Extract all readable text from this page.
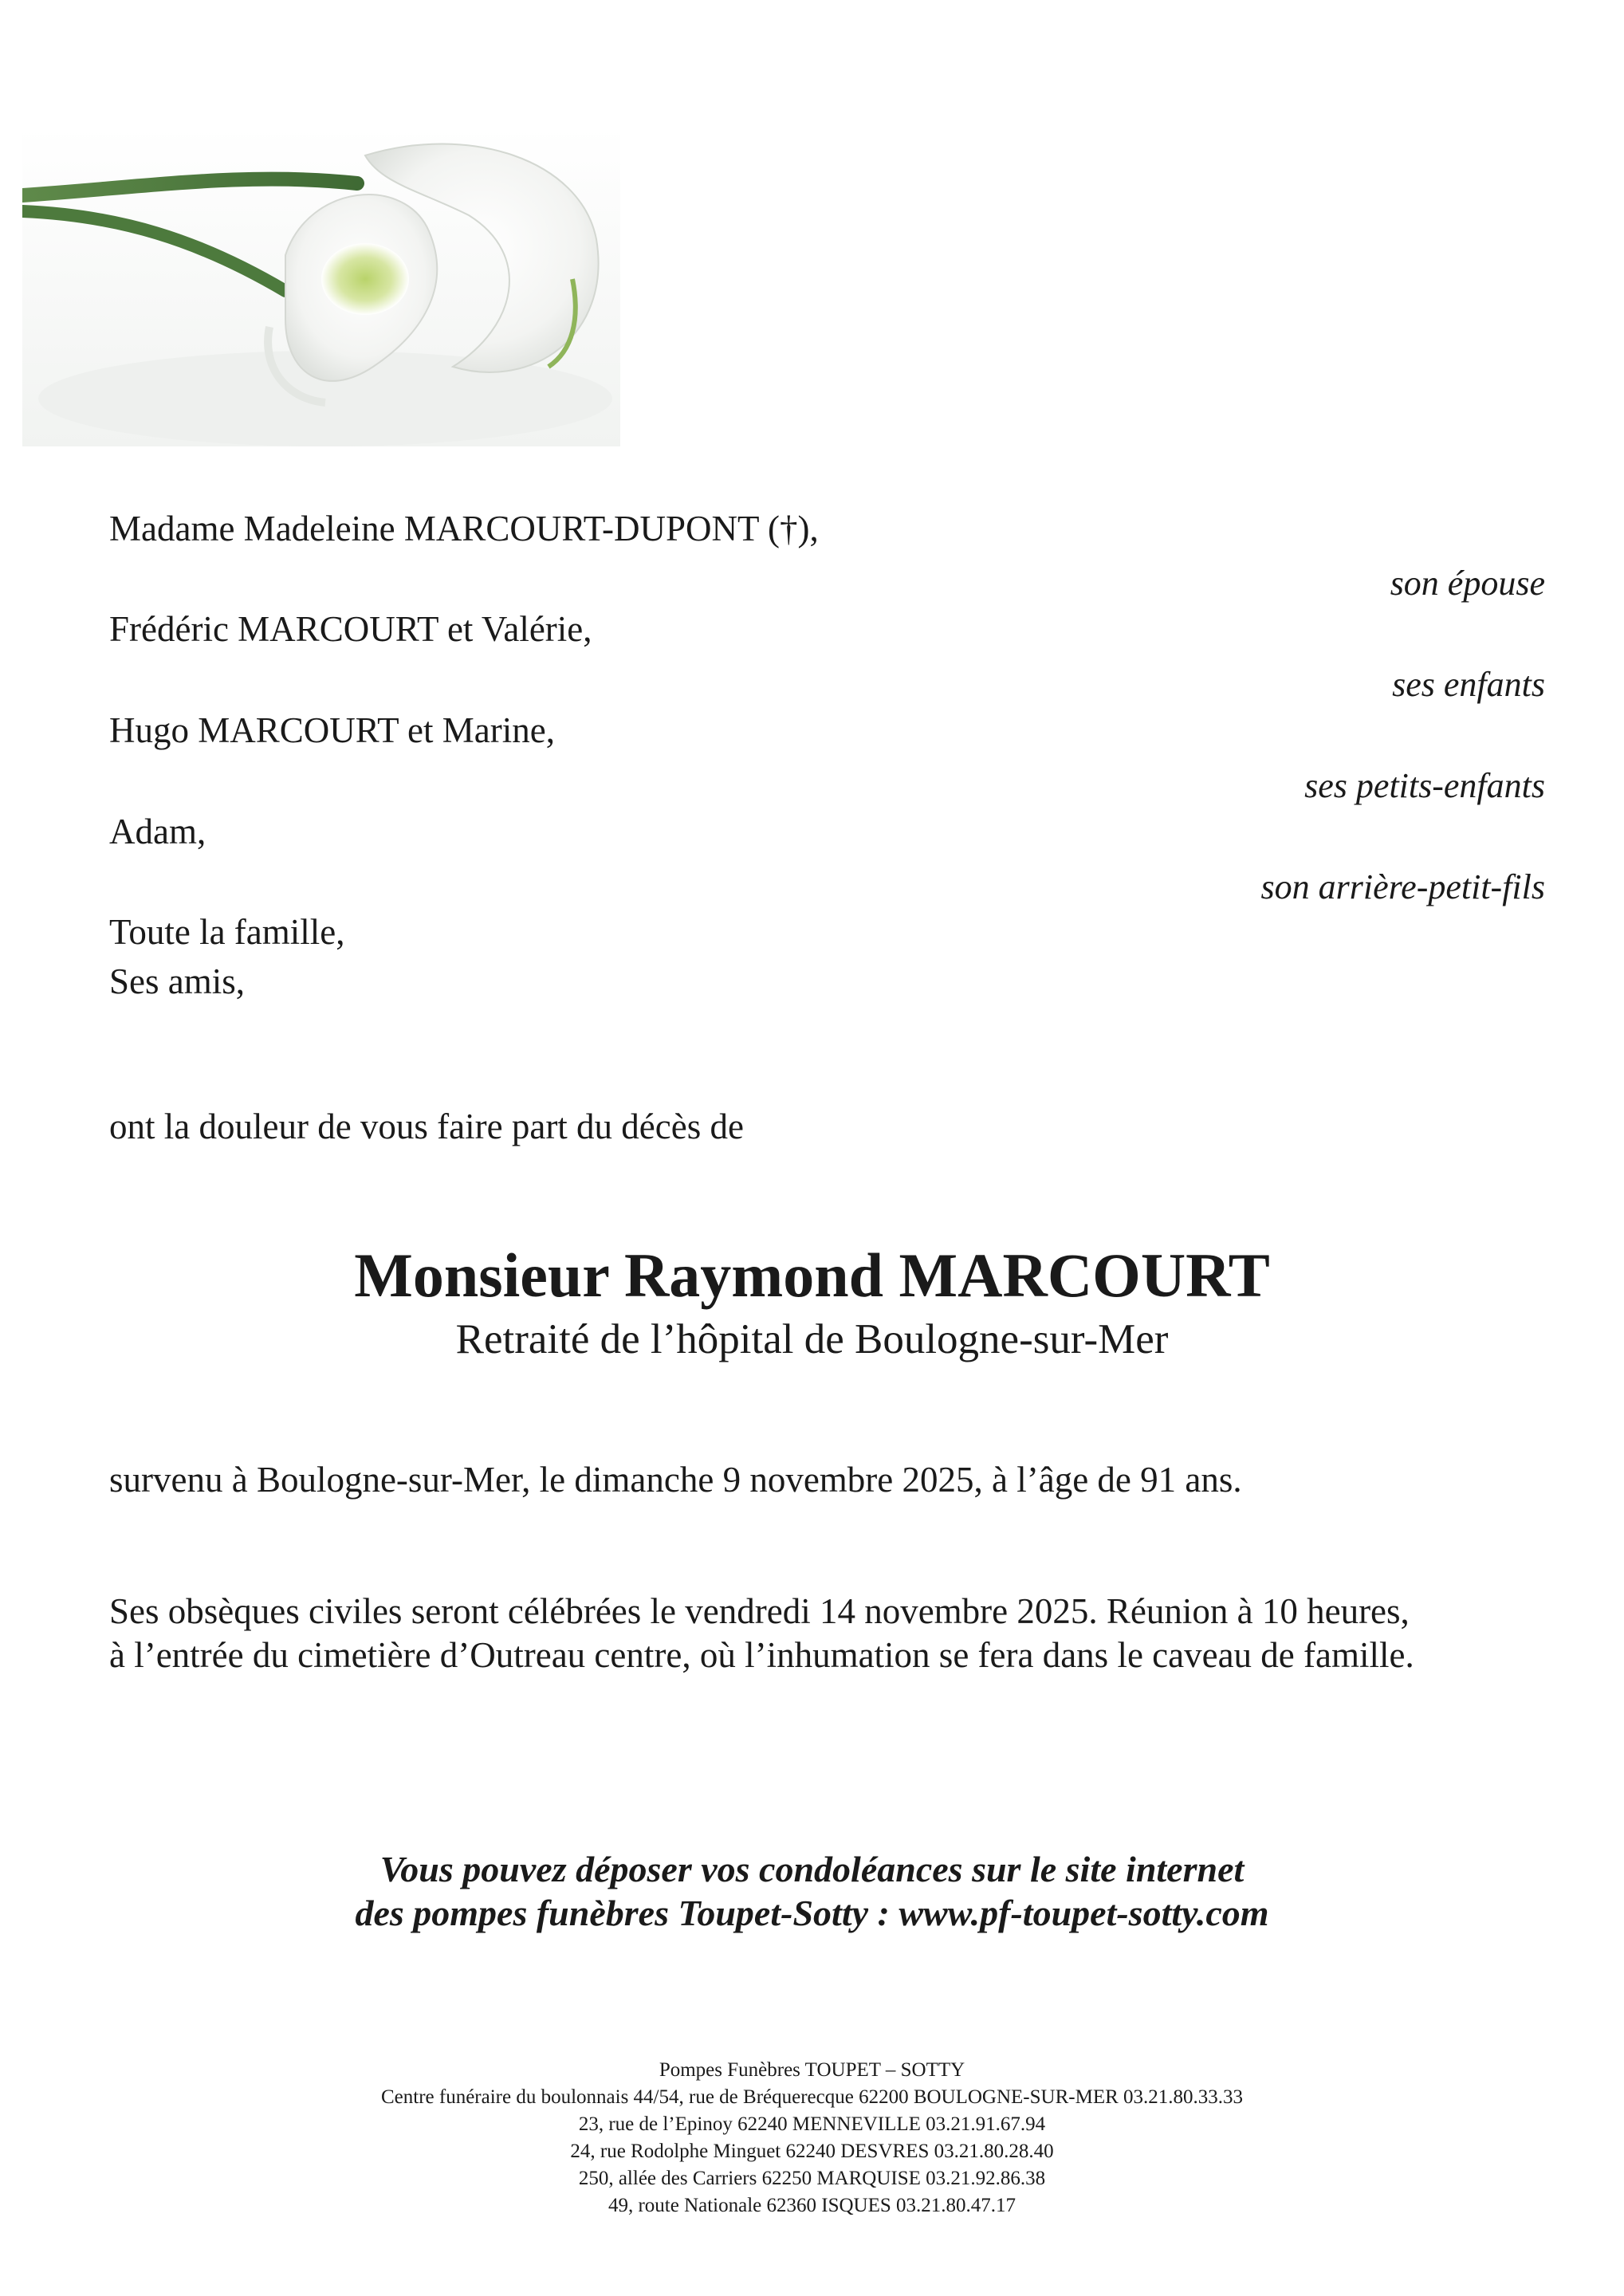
Madame Madeleine MARCOURT-DUPONT (†),
son épouse
Frédéric MARCOURT et Valérie,
ses enfants
Hugo MARCOURT et Marine,
ses petits-enfants
Adam,
son arrière-petit-fils
Toute la famille,
Ses amis,
ont la douleur de vous faire part du décès de
Monsieur Raymond MARCOURT
Retraité de l’hôpital de Boulogne-sur-Mer
survenu à Boulogne-sur-Mer, le dimanche 9 novembre 2025, à l’âge de 91 ans.
Ses obsèques civiles seront célébrées le vendredi 14 novembre 2025. Réunion à 10 heures,
à l’entrée du cimetière d’Outreau centre, où l’inhumation se fera dans le caveau de famille.
Vous pouvez déposer vos condoléances sur le site internet
des pompes funèbres Toupet-Sotty : www.pf-toupet-sotty.com
Pompes Funèbres TOUPET – SOTTY
Centre funéraire du boulonnais 44/54, rue de Bréquerecque 62200 BOULOGNE-SUR-MER 03.21.80.33.33
23, rue de l’Epinoy 62240 MENNEVILLE 03.21.91.67.94
24, rue Rodolphe Minguet 62240 DESVRES 03.21.80.28.40
250, allée des Carriers 62250 MARQUISE 03.21.92.86.38
49, route Nationale 62360 ISQUES 03.21.80.47.17
